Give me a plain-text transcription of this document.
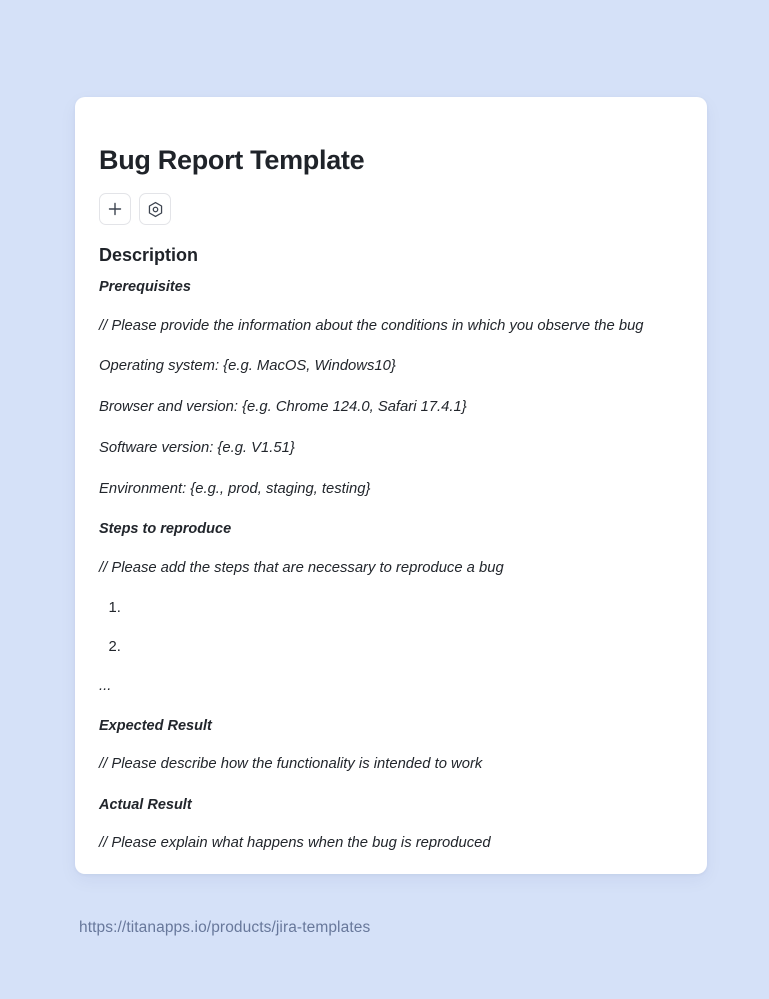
Bug Report Template
Description
Prerequisites
// Please provide the information about the conditions in which you observe the bug
Operating system: {e.g. MacOS, Windows10}
Browser and version: {e.g. Chrome 124.0, Safari 17.4.1}
Software version: {e.g. V1.51}
Environment: {e.g., prod, staging, testing}
Steps to reproduce
// Please add the steps that are necessary to reproduce a bug
1.
2.
...
Expected Result
// Please describe how the functionality is intended to work
Actual Result
// Please explain what happens when the bug is reproduced
https://titanapps.io/products/jira-templates
